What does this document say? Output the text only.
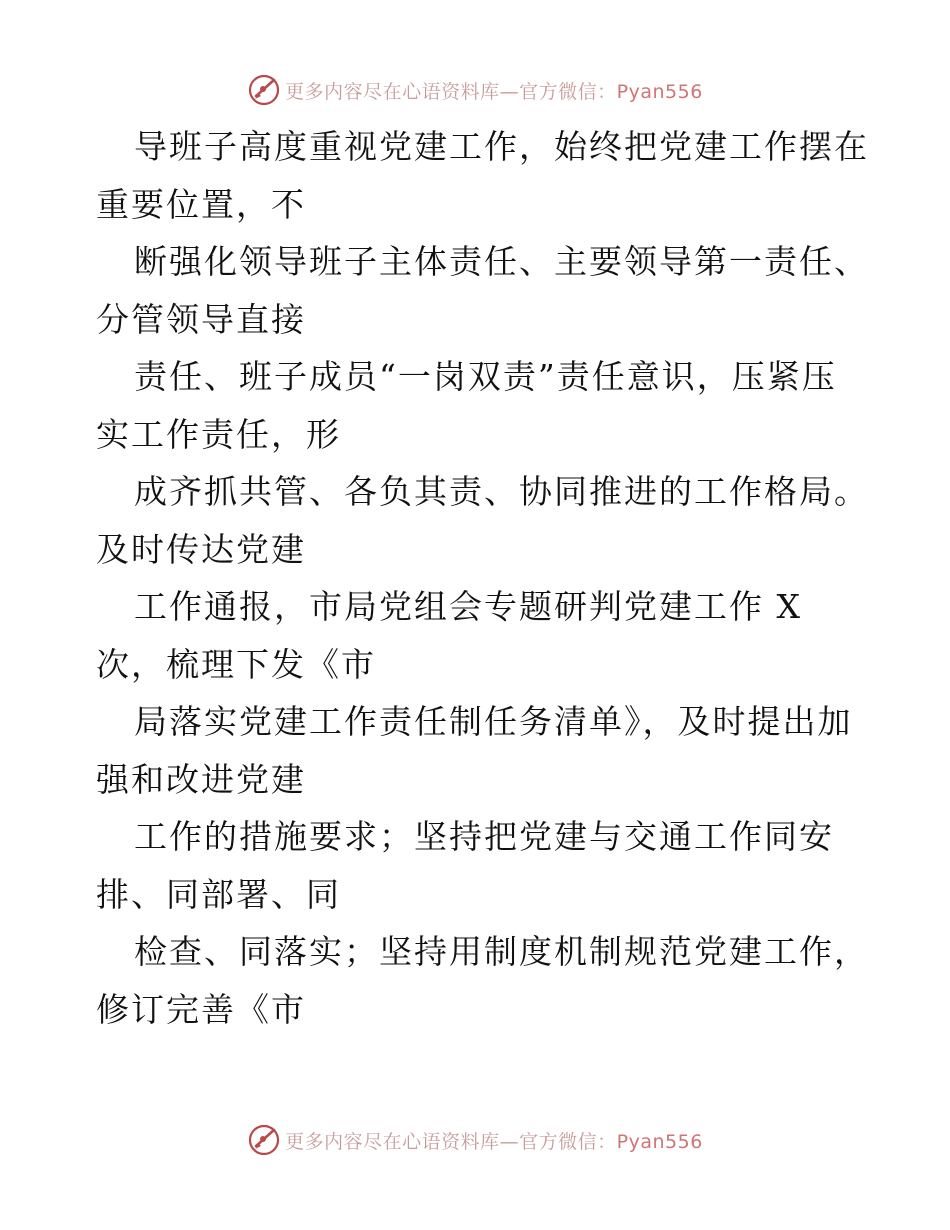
更多内容尽在心语资料库—官方微信：Pyan556
导班子高度重视党建工作，始终把党建工作摆在
重要位置，不
断强化领导班子主体责任、主要领导第一责任、
分管领导直接
责任、班子成员“一岗双责”责任意识，压紧压
实工作责任，形
成齐抓共管、各负其责、协同推进的工作格局。
及时传达党建
工作通报，市局党组会专题研判党建工作 X
次，梳理下发《市
局落实党建工作责任制任务清单》，及时提出加
强和改进党建
工作的措施要求；坚持把党建与交通工作同安
排、同部署、同
检查、同落实；坚持用制度机制规范党建工作，
修订完善《市
更多内容尽在心语资料库—官方微信：Pyan556
